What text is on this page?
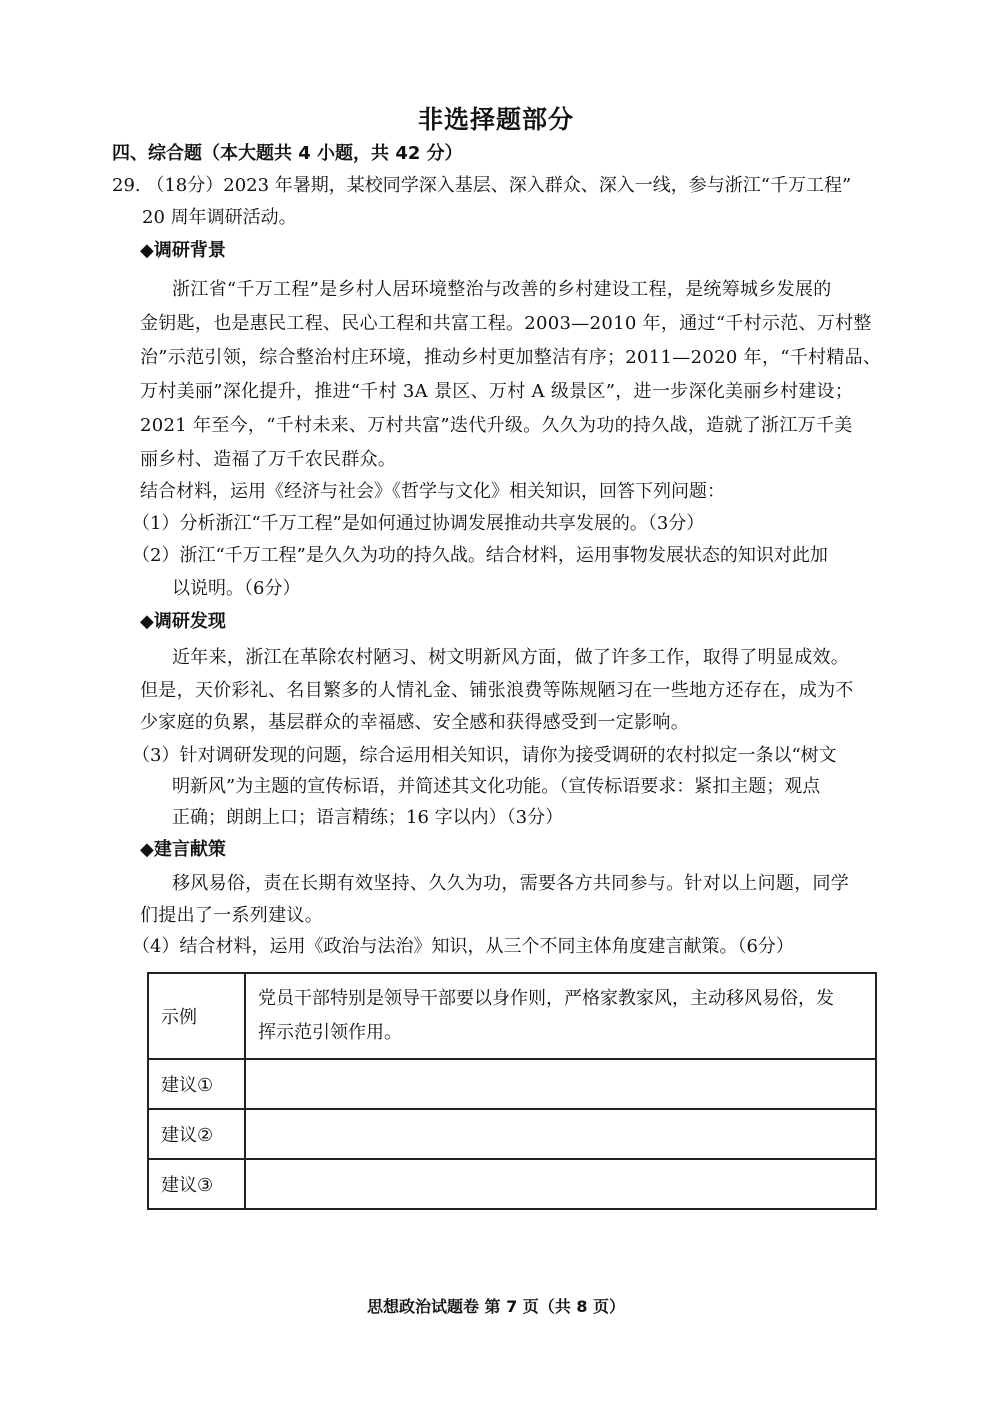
非选择题部分
四、综合题（本大题共 4 小题，共 42 分）
29. （18分）2023 年暑期，某校同学深入基层、深入群众、深入一线，参与浙江“千万工程”
20 周年调研活动。
◆调研背景
浙江省“千万工程”是乡村人居环境整治与改善的乡村建设工程，是统筹城乡发展的
金钥匙，也是惠民工程、民心工程和共富工程。2003—2010 年，通过“千村示范、万村整
治”示范引领，综合整治村庄环境，推动乡村更加整洁有序；2011—2020 年，“千村精品、
万村美丽”深化提升，推进“千村 3A 景区、万村 A 级景区”，进一步深化美丽乡村建设；
2021 年至今，“千村未来、万村共富”迭代升级。久久为功的持久战，造就了浙江万千美
丽乡村、造福了万千农民群众。
结合材料，运用《经济与社会》《哲学与文化》相关知识，回答下列问题：
（1）分析浙江“千万工程”是如何通过协调发展推动共享发展的。（3分）
（2）浙江“千万工程”是久久为功的持久战。结合材料，运用事物发展状态的知识对此加
以说明。（6分）
◆调研发现
近年来，浙江在革除农村陋习、树文明新风方面，做了许多工作，取得了明显成效。
但是，天价彩礼、名目繁多的人情礼金、铺张浪费等陈规陋习在一些地方还存在，成为不
少家庭的负累，基层群众的幸福感、安全感和获得感受到一定影响。
（3）针对调研发现的问题，综合运用相关知识，请你为接受调研的农村拟定一条以“树文
明新风”为主题的宣传标语，并简述其文化功能。（宣传标语要求：紧扣主题；观点
正确；朗朗上口；语言精练；16 字以内）（3分）
◆建言献策
移风易俗，责在长期有效坚持、久久为功，需要各方共同参与。针对以上问题，同学
们提出了一系列建议。
（4）结合材料，运用《政治与法治》知识，从三个不同主体角度建言献策。（6分）
示例	党员干部特别是领导干部要以身作则，严格家教家风，主动移风易俗，发
挥示范引领作用。

建议①	
建议②	
建议③	
思想政治试题卷 第 7 页（共 8 页）
